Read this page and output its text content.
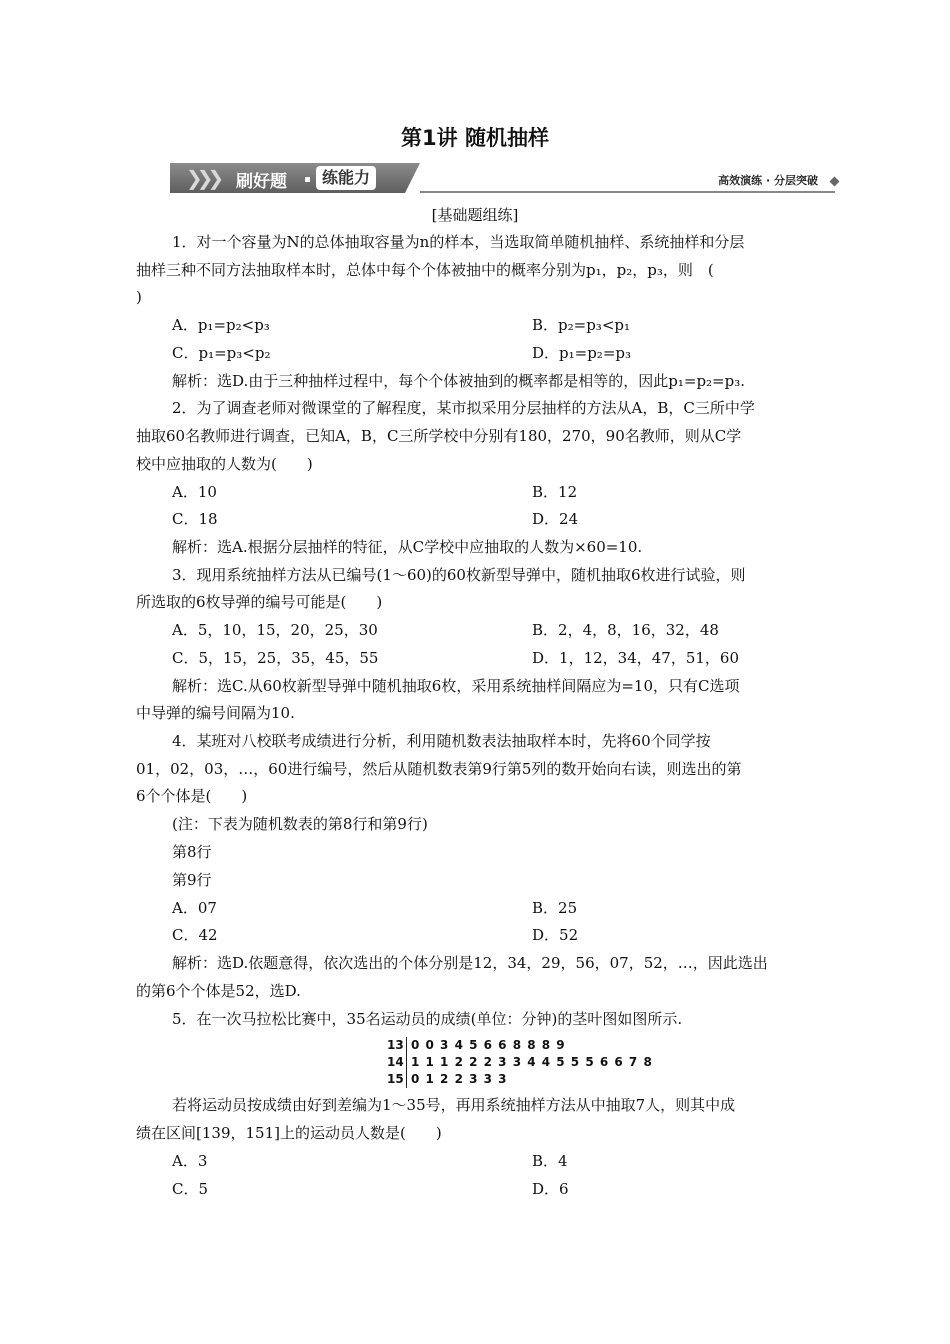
第1讲 随机抽样
❯❯❯ 刷好题	练能力	高效演练 · 分层突破
[基础题组练]
1．对一个容量为N的总体抽取容量为n的样本，当选取简单随机抽样、系统抽样和分层
抽样三种不同方法抽取样本时，总体中每个个体被抽中的概率分别为p₁，p₂，p₃，则　(
)
A．p₁=p₂<p₃	B．p₂=p₃<p₁
C．p₁=p₃<p₂	D．p₁=p₂=p₃
解析：选D.由于三种抽样过程中，每个个体被抽到的概率都是相等的，因此p₁=p₂=p₃.
2．为了调查老师对微课堂的了解程度，某市拟采用分层抽样的方法从A，B，C三所中学
抽取60名教师进行调查，已知A，B，C三所学校中分别有180，270，90名教师，则从C学
校中应抽取的人数为(　　)
A．10	B．12
C．18	D．24
解析：选A.根据分层抽样的特征，从C学校中应抽取的人数为×60=10.
3．现用系统抽样方法从已编号(1～60)的60枚新型导弹中，随机抽取6枚进行试验，则
所选取的6枚导弹的编号可能是(　　)
A．5，10，15，20，25，30	B．2，4，8，16，32，48
C．5，15，25，35，45，55	D．1，12，34，47，51，60
解析：选C.从60枚新型导弹中随机抽取6枚，采用系统抽样间隔应为=10，只有C选项
中导弹的编号间隔为10.
4．某班对八校联考成绩进行分析，利用随机数表法抽取样本时，先将60个同学按
01，02，03，…，60进行编号，然后从随机数表第9行第5列的数开始向右读，则选出的第
6个个体是(　　)
(注：下表为随机数表的第8行和第9行)
第8行
第9行
A．07	B．25
C．42	D．52
解析：选D.依题意得，依次选出的个体分别是12，34，29，56，07，52，…，因此选出
的第6个个体是52，选D.
5．在一次马拉松比赛中，35名运动员的成绩(单位：分钟)的茎叶图如图所示.
13 0 0 3 4 5 6 6 8 8 8 9
14 1 1 1 2 2 2 3 3 4 4 5 5 5 6 6 7 8
15 0 1 2 2 3 3 3
若将运动员按成绩由好到差编为1～35号，再用系统抽样方法从中抽取7人，则其中成
绩在区间[139，151]上的运动员人数是(　　)
A．3	B．4
C．5	D．6
